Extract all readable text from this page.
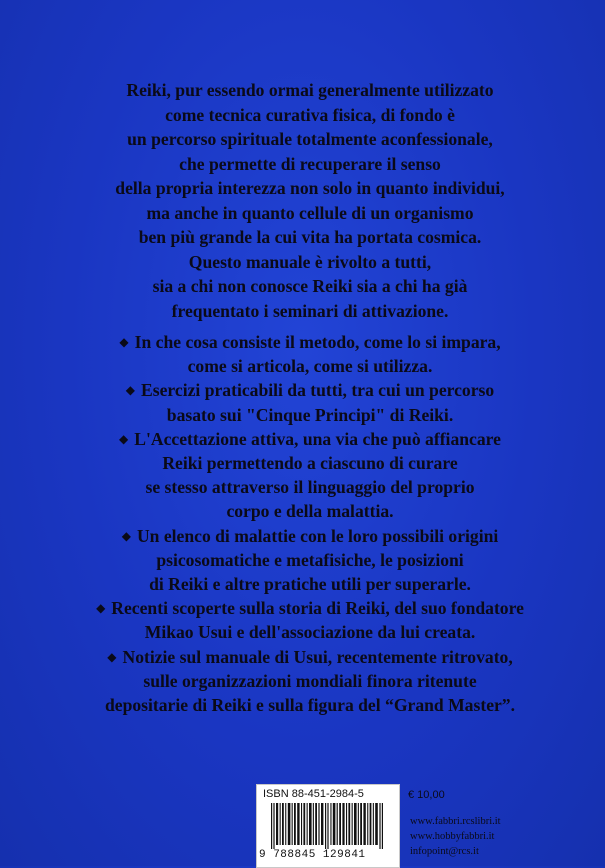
Reiki, pur essendo ormai generalmente utilizzato
come tecnica curativa fisica, di fondo è
un percorso spirituale totalmente aconfessionale,
che permette di recuperare il senso
della propria interezza non solo in quanto individui,
ma anche in quanto cellule di un organismo
ben più grande la cui vita ha portata cosmica.
Questo manuale è rivolto a tutti,
sia a chi non conosce Reiki sia a chi ha già
frequentato i seminari di attivazione.
◆ In che cosa consiste il metodo, come lo si impara,
come si articola, come si utilizza.
◆ Esercizi praticabili da tutti, tra cui un percorso
basato sui "Cinque Principi" di Reiki.
◆ L'Accettazione attiva, una via che può affiancare
Reiki permettendo a ciascuno di curare
se stesso attraverso il linguaggio del proprio
corpo e della malattia.
◆ Un elenco di malattie con le loro possibili origini
psicosomatiche e metafisiche, le posizioni
di Reiki e altre pratiche utili per superarle.
◆ Recenti scoperte sulla storia di Reiki, del suo fondatore
Mikao Usui e dell'associazione da lui creata.
◆ Notizie sul manuale di Usui, recentemente ritrovato,
sulle organizzazioni mondiali finora ritenute
depositarie di Reiki e sulla figura del “Grand Master”.
ISBN 88-451-2984-5
9 788845 129841
€ 10,00
www.fabbri.rcslibri.it
www.hobbyfabbri.it
infopoint@rcs.it
